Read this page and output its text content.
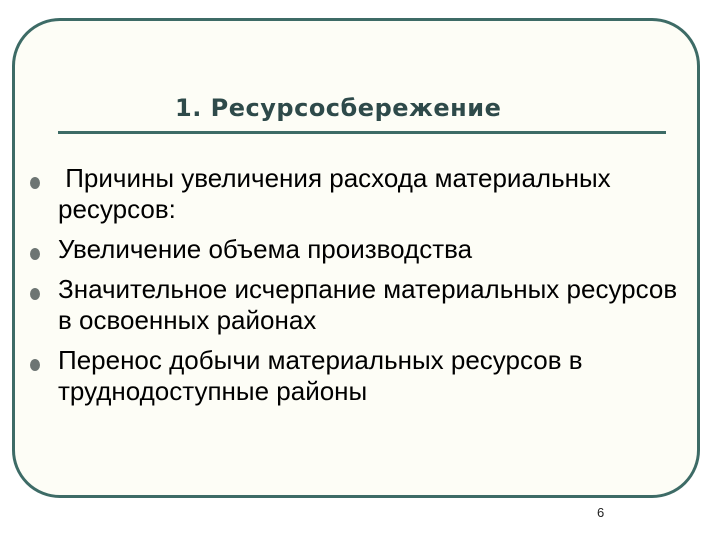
1. Ресурсосбережение
Причины увеличения расхода материальных ресурсов:
Увеличение объема производства
Значительное исчерпание материальных ресурсов в освоенных районах
Перенос добычи материальных ресурсов в труднодоступные районы
6
